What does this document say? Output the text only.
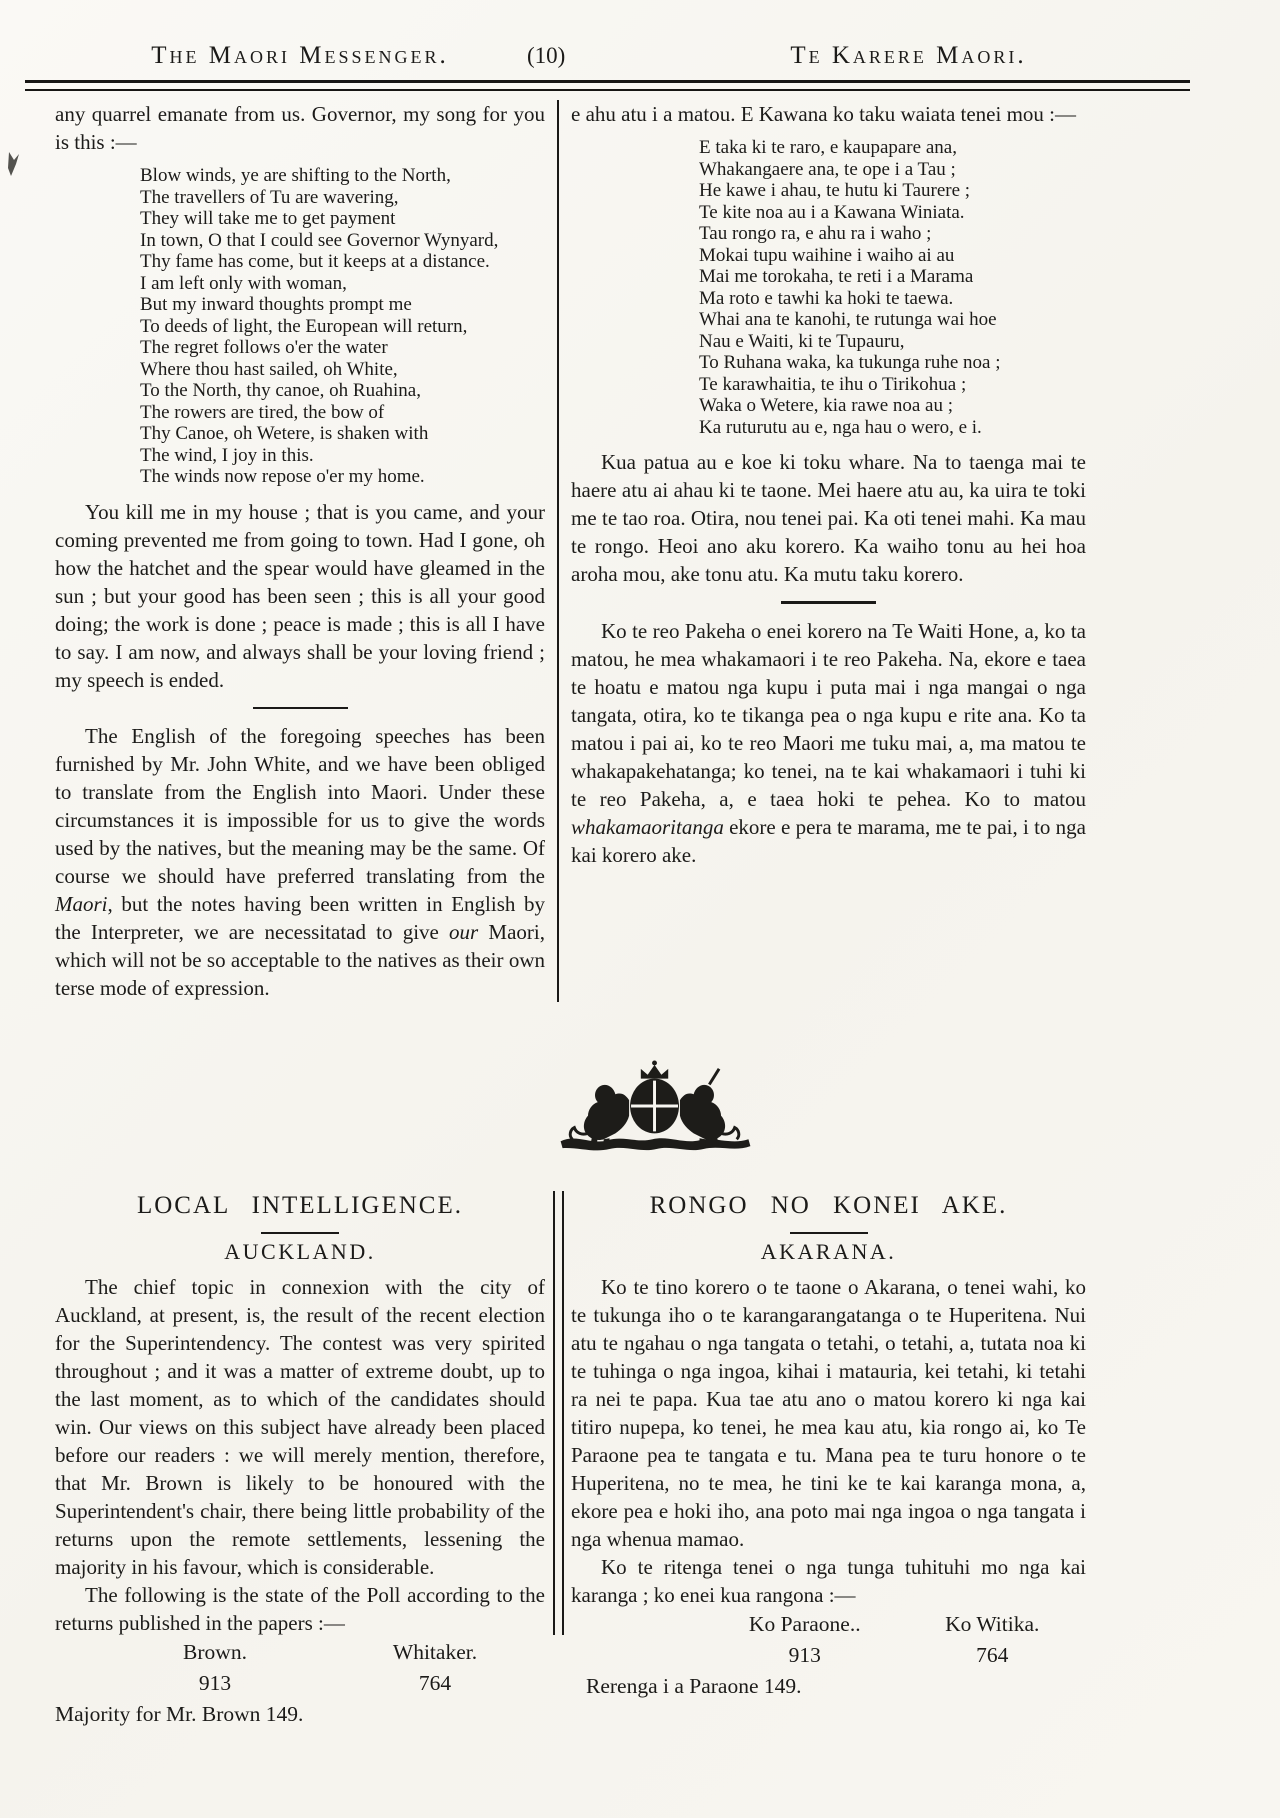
The Maori Messenger.	(10)	Te Karere Maori.

any quarrel emanate from us. Governor, my song for you is this :—

Blow winds, ye are shifting to the North,
The travellers of Tu are wavering,
They will take me to get payment
In town, O that I could see Governor Wynyard,
Thy fame has come, but it keeps at a distance.
I am left only with woman,
But my inward thoughts prompt me
To deeds of light, the European will return,
The regret follows o'er the water
Where thou hast sailed, oh White,
To the North, thy canoe, oh Ruahina,
The rowers are tired, the bow of
Thy Canoe, oh Wetere, is shaken with
The wind, I joy in this.
The winds now repose o'er my home.

You kill me in my house ; that is you came, and your coming prevented me from going to town. Had I gone, oh how the hatchet and the spear would have gleamed in the sun ; but your good has been seen ; this is all your good doing; the work is done ; peace is made ; this is all I have to say. I am now, and always shall be your loving friend ; my speech is ended.

The English of the foregoing speeches has been furnished by Mr. John White, and we have been obliged to translate from the English into Maori. Under these circumstances it is impossible for us to give the words used by the natives, but the meaning may be the same. Of course we should have preferred translating from the Maori, but the notes having been written in English by the Interpreter, we are necessitatad to give our Maori, which will not be so acceptable to the natives as their own terse mode of expression.

e ahu atu i a matou. E Kawana ko taku waiata tenei mou :—

E taka ki te raro, e kaupapare ana,
Whakangaere ana, te ope i a Tau ;
He kawe i ahau, te hutu ki Taurere ;
Te kite noa au i a Kawana Winiata.
Tau rongo ra, e ahu ra i waho ;
Mokai tupu waihine i waiho ai au
Mai me torokaha, te reti i a Marama
Ma roto e tawhi ka hoki te taewa.
Whai ana te kanohi, te rutunga wai hoe
Nau e Waiti, ki te Tupauru,
To Ruhana waka, ka tukunga ruhe noa ;
Te karawhaitia, te ihu o Tirikohua ;
Waka o Wetere, kia rawe noa au ;
Ka ruturutu au e, nga hau o wero, e i.

Kua patua au e koe ki toku whare. Na to taenga mai te haere atu ai ahau ki te taone. Mei haere atu au, ka uira te toki me te tao roa. Otira, nou tenei pai. Ka oti tenei mahi. Ka mau te rongo. Heoi ano aku korero. Ka waiho tonu au hei hoa aroha mou, ake tonu atu. Ka mutu taku korero.

Ko te reo Pakeha o enei korero na Te Waiti Hone, a, ko ta matou, he mea whakamaori i te reo Pakeha. Na, ekore e taea te hoatu e matou nga kupu i puta mai i nga mangai o nga tangata, otira, ko te tikanga pea o nga kupu e rite ana. Ko ta matou i pai ai, ko te reo Maori me tuku mai, a, ma matou te whakapakehatanga; ko tenei, na te kai whakamaori i tuhi ki te reo Pakeha, a, e taea hoki te pehea. Ko to matou whakamaoritanga ekore e pera te marama, me te pai, i to nga kai korero ake.

LOCAL INTELLIGENCE.
AUCKLAND.

The chief topic in connexion with the city of Auckland, at present, is, the result of the recent election for the Superintendency. The contest was very spirited throughout ; and it was a matter of extreme doubt, up to the last moment, as to which of the candidates should win. Our views on this subject have already been placed before our readers : we will merely mention, therefore, that Mr. Brown is likely to be honoured with the Superintendent's chair, there being little probability of the returns upon the remote settlements, lessening the majority in his favour, which is considerable.

The following is the state of the Poll according to the returns published in the papers :—

Brown.	Whitaker.
913	764

Majority for Mr. Brown 149.

RONGO NO KONEI AKE.
AKARANA.

Ko te tino korero o te taone o Akarana, o tenei wahi, ko te tukunga iho o te karangarangatanga o te Huperitena. Nui atu te ngahau o nga tangata o tetahi, o tetahi, a, tutata noa ki te tuhinga o nga ingoa, kihai i matauria, kei tetahi, ki tetahi ra nei te papa. Kua tae atu ano o matou korero ki nga kai titiro nupepa, ko tenei, he mea kau atu, kia rongo ai, ko Te Paraone pea te tangata e tu. Mana pea te turu honore o te Huperitena, no te mea, he tini ke te kai karanga mona, a, ekore pea e hoki iho, ana poto mai nga ingoa o nga tangata i nga whenua mamao.

Ko te ritenga tenei o nga tunga tuhituhi mo nga kai karanga ; ko enei kua rangona :—

Ko Paraone..	Ko Witika.
913	764

Rerenga i a Paraone 149.
